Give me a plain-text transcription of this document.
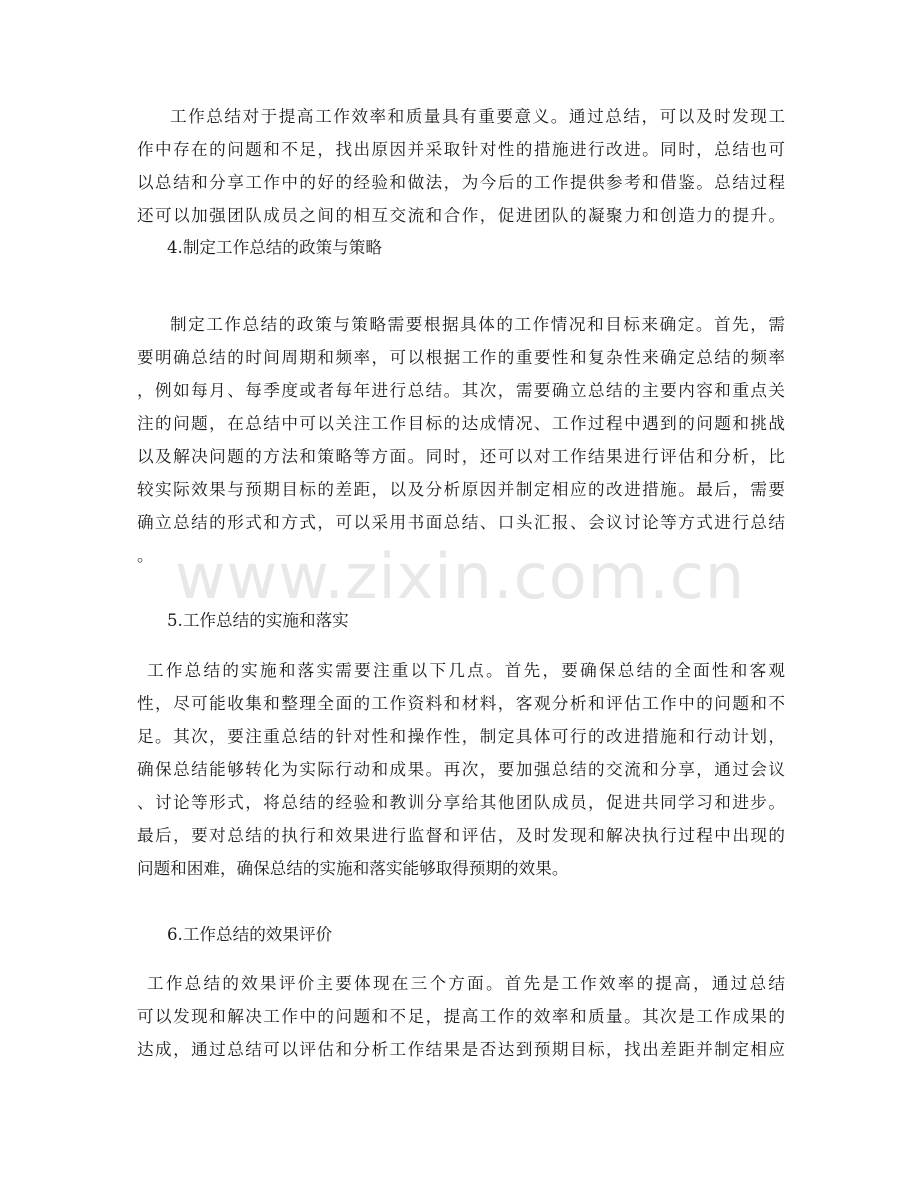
工作总结对于提高工作效率和质量具有重要意义。通过总结，可以及时发现工
作中存在的问题和不足，找出原因并采取针对性的措施进行改进。同时，总结也可
以总结和分享工作中的好的经验和做法，为今后的工作提供参考和借鉴。总结过程
还可以加强团队成员之间的相互交流和合作，促进团队的凝聚力和创造力的提升。
4.制定工作总结的政策与策略
制定工作总结的政策与策略需要根据具体的工作情况和目标来确定。首先，需
要明确总结的时间周期和频率，可以根据工作的重要性和复杂性来确定总结的频率
，例如每月、每季度或者每年进行总结。其次，需要确立总结的主要内容和重点关
注的问题，在总结中可以关注工作目标的达成情况、工作过程中遇到的问题和挑战
以及解决问题的方法和策略等方面。同时，还可以对工作结果进行评估和分析，比
较实际效果与预期目标的差距，以及分析原因并制定相应的改进措施。最后，需要
确立总结的形式和方式，可以采用书面总结、口头汇报、会议讨论等方式进行总结
。
5.工作总结的实施和落实
工作总结的实施和落实需要注重以下几点。首先，要确保总结的全面性和客观
性，尽可能收集和整理全面的工作资料和材料，客观分析和评估工作中的问题和不
足。其次，要注重总结的针对性和操作性，制定具体可行的改进措施和行动计划，
确保总结能够转化为实际行动和成果。再次，要加强总结的交流和分享，通过会议
、讨论等形式，将总结的经验和教训分享给其他团队成员，促进共同学习和进步。
最后，要对总结的执行和效果进行监督和评估，及时发现和解决执行过程中出现的
问题和困难，确保总结的实施和落实能够取得预期的效果。
6.工作总结的效果评价
工作总结的效果评价主要体现在三个方面。首先是工作效率的提高，通过总结
可以发现和解决工作中的问题和不足，提高工作的效率和质量。其次是工作成果的
达成，通过总结可以评估和分析工作结果是否达到预期目标，找出差距并制定相应
www.zixin.com.cn
